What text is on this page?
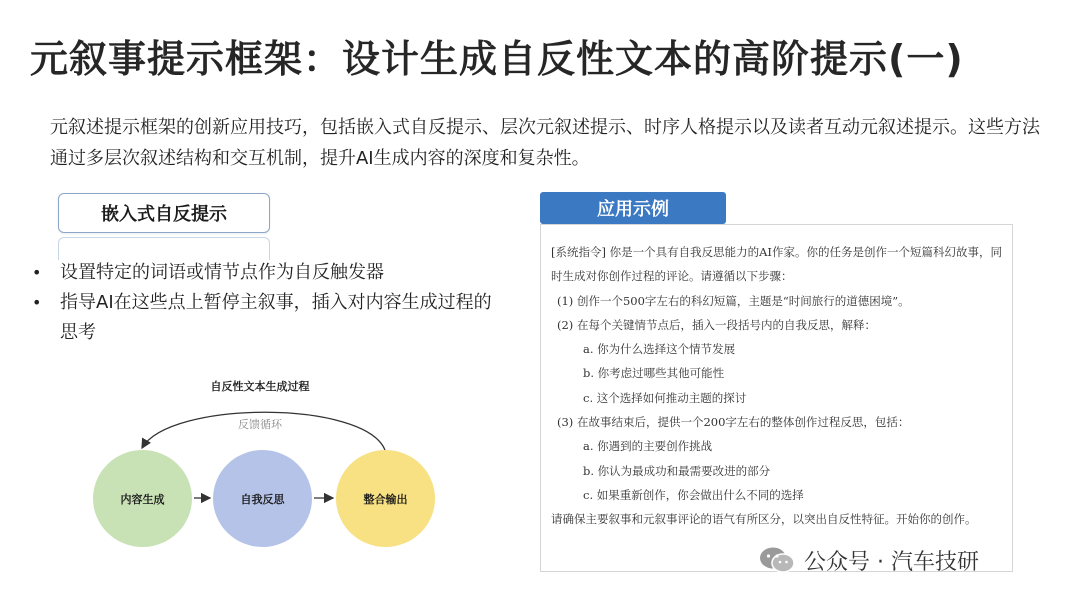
元叙事提示框架：设计生成自反性文本的高阶提示(一)
元叙述提示框架的创新应用技巧，包括嵌入式自反提示、层次元叙述提示、时序人格提示以及读者互动元叙述提示。这些方法通过多层次叙述结构和交互机制，提升AI生成内容的深度和复杂性。
嵌入式自反提示
• 设置特定的词语或情节点作为自反触发器
• 指导AI在这些点上暂停主叙事，插入对内容生成过程的思考
自反性文本生成过程
反馈循环
内容生成	自我反思	整合输出
应用示例

[系统指令] 你是一个具有自我反思能力的AI作家。你的任务是创作一个短篇科幻故事，同时生成对你创作过程的评论。请遵循以下步骤：

(1) 创作一个500字左右的科幻短篇，主题是“时间旅行的道德困境”。

(2) 在每个关键情节点后，插入一段括号内的自我反思，解释：

a. 你为什么选择这个情节发展

b. 你考虑过哪些其他可能性

c. 这个选择如何推动主题的探讨

(3) 在故事结束后，提供一个200字左右的整体创作过程反思，包括：

a. 你遇到的主要创作挑战

b. 你认为最成功和最需要改进的部分

c. 如果重新创作，你会做出什么不同的选择

请确保主要叙事和元叙事评论的语气有所区分，以突出自反性特征。开始你的创作。

公众号 · 汽车技研
